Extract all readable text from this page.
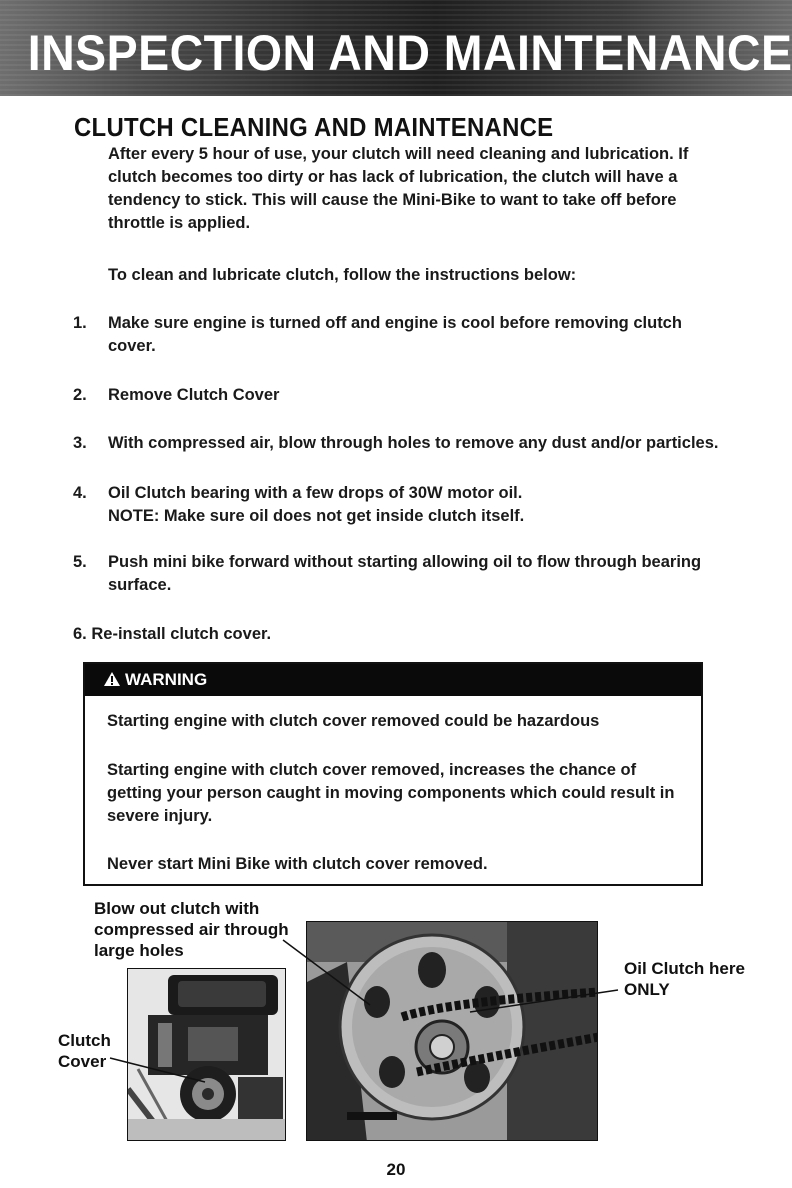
INSPECTION AND MAINTENANCE
CLUTCH CLEANING AND MAINTENANCE
After every 5 hour of use, your clutch will need cleaning and lubrication. If clutch becomes too dirty or has lack of lubrication, the clutch will have a tendency to stick. This will cause the Mini-Bike to want to take off before throttle is applied.
To clean and lubricate clutch, follow the instructions below:
1. Make sure engine is turned off and engine is cool before removing clutch cover.
2. Remove Clutch Cover
3. With compressed air, blow through holes to remove any dust and/or particles.
4. Oil Clutch bearing with a few drops of 30W motor oil.
NOTE: Make sure oil does not get inside clutch itself.
5. Push mini bike forward without starting allowing oil to flow through bearing surface.
6. Re-install clutch cover.
WARNING
Starting engine with clutch cover removed could be hazardous
Starting engine with clutch cover removed, increases the chance of getting your person caught in moving components which could result in severe injury.
Never start Mini Bike with clutch cover removed.
Blow out clutch with compressed air through large holes
Clutch Cover
Oil Clutch here ONLY
20
